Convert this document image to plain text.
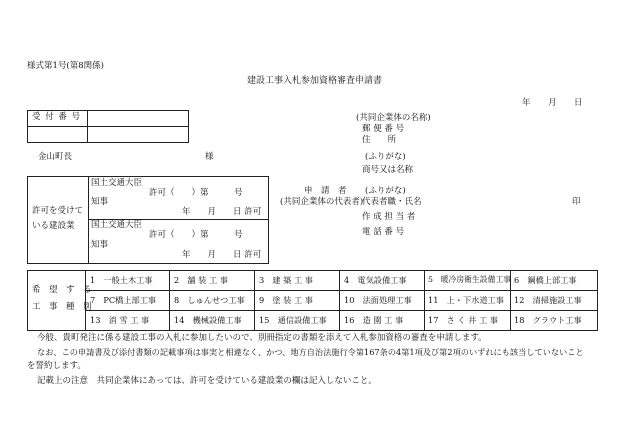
様式第1号(第8関係)
建設工事入札参加資格審査申請書
年 月 日
受 付 番 号
金山町長	様
(共同企業体の名称)
郵 便 番 号
住　　所
(ふりがな)
商号又は名称
申　請　者
(共同企業体の代表者)
(ふりがな)
代表者職・氏名	印
作 成 担 当 者
電 話 番 号
許可を受けて
いる建設業
国土交通大臣
許可（　　）第　　　号
知事
年　　月　　日 許可
国土交通大臣
許可（　　）第　　　号
知事
年　　月　　日 許可
希　望　す　る
工　事　種　別
1　一般土木工事	2　舗 装 工 事	3　建 築 工 事	4　電気設備工事	5　暖冷房衛生設備工事 6　鋼橋上部工事
7　PC橋上部工事 8　しゅんせつ工事 9　塗 装 工 事	10　法面処理工事 11　上・下水道工事 12　清掃施設工事
13　消 雪 工 事	14　機械設備工事 15　通信設備工事 16　造 園 工 事	17　さ く 井 工 事 18　グラウト工事
今般、貴町発注に係る建設工事の入札に参加したいので、別冊指定の書類を添えて入札参加資格の審査を申請します。
なお、この申請書及び添付書類の記載事項は事実と相違なく、かつ、地方自治法施行令第167条の4第1項及び第2項のいずれにも該当していないこと
を誓約します。
記載上の注意　共同企業体にあっては、許可を受けている建設業の欄は記入しないこと。
